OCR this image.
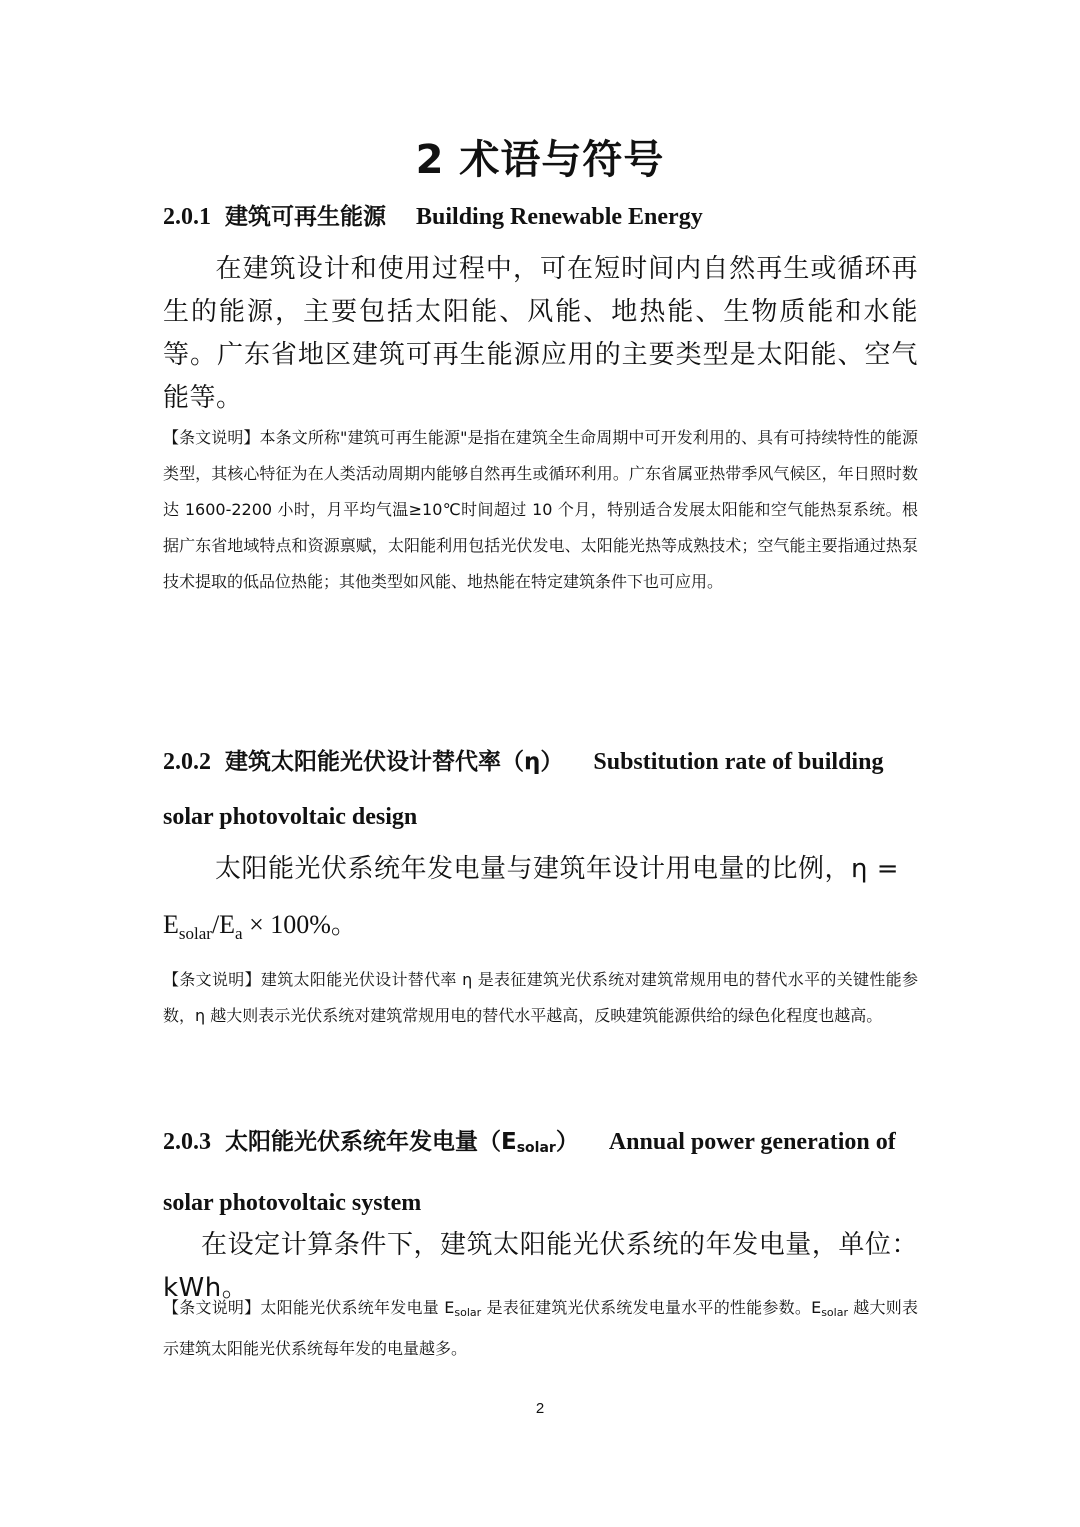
2 术语与符号
2.0.1 建筑可再生能源 Building Renewable Energy
在建筑设计和使用过程中，可在短时间内自然再生或循环再生的能源，主要包括太阳能、风能、地热能、生物质能和水能等。广东省地区建筑可再生能源应用的主要类型是太阳能、空气能等。
【条文说明】本条文所称"建筑可再生能源"是指在建筑全生命周期中可开发利用的、具有可持续特性的能源类型，其核心特征为在人类活动周期内能够自然再生或循环利用。广东省属亚热带季风气候区，年日照时数达 1600-2200 小时，月平均气温≥10℃时间超过 10 个月，特别适合发展太阳能和空气能热泵系统。根据广东省地域特点和资源禀赋，太阳能利用包括光伏发电、太阳能光热等成熟技术；空气能主要指通过热泵技术提取的低品位热能；其他类型如风能、地热能在特定建筑条件下也可应用。
2.0.2 建筑太阳能光伏设计替代率（η） Substitution rate of building solar photovoltaic design
太阳能光伏系统年发电量与建筑年设计用电量的比例，η =
$E_{solar}/E_a \times 100\%$。
【条文说明】建筑太阳能光伏设计替代率 η 是表征建筑光伏系统对建筑常规用电的替代水平的关键性能参数，η 越大则表示光伏系统对建筑常规用电的替代水平越高，反映建筑能源供给的绿色化程度也越高。
2.0.3 太阳能光伏系统年发电量（Esolar） Annual power generation of solar photovoltaic system
在设定计算条件下，建筑太阳能光伏系统的年发电量，单位：kWh。
【条文说明】太阳能光伏系统年发电量 Esolar 是表征建筑光伏系统发电量水平的性能参数。Esolar 越大则表示建筑太阳能光伏系统每年发的电量越多。
2
